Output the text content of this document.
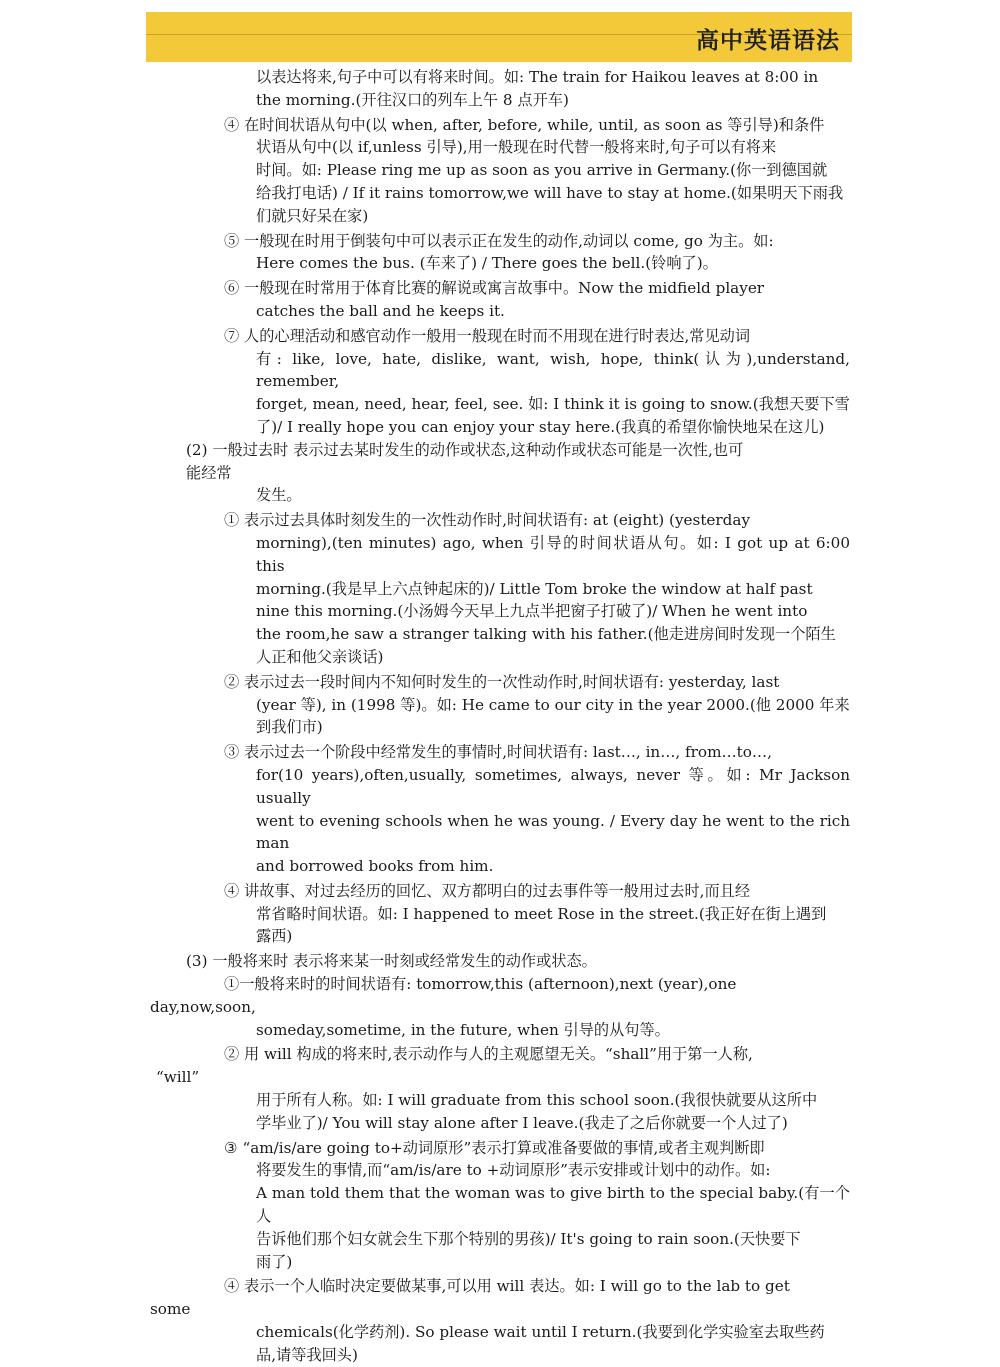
高中英语语法

以表达将来,句子中可以有将来时间。如: The train for Haikou leaves at 8:00 in

the morning.(开往汉口的列车上午 8 点开车)

④ 在时间状语从句中(以 when, after, before, while, until, as soon as 等引导)和条件

状语从句中(以 if,unless 引导),用一般现在时代替一般将来时,句子可以有将来

时间。如: Please ring me up as soon as you arrive in Germany.(你一到德国就

给我打电话) / If it rains tomorrow,we will have to stay at home.(如果明天下雨我

们就只好呆在家)

⑤ 一般现在时用于倒装句中可以表示正在发生的动作,动词以 come, go 为主。如:

Here comes the bus. (车来了) / There goes the bell.(铃响了)。

⑥ 一般现在时常用于体育比赛的解说或寓言故事中。Now the midfield player

catches the ball and he keeps it.

⑦ 人的心理活动和感官动作一般用一般现在时而不用现在进行时表达,常见动词

有: like, love, hate, dislike, want, wish, hope, think(认为),understand, remember,

forget, mean, need, hear, feel, see. 如: I think it is going to snow.(我想天要下雪

了)/ I really hope you can enjoy your stay here.(我真的希望你愉快地呆在这儿)

(2) 一般过去时 表示过去某时发生的动作或状态,这种动作或状态可能是一次性,也可

能经常

发生。

① 表示过去具体时刻发生的一次性动作时,时间状语有: at (eight) (yesterday

morning),(ten minutes) ago, when 引导的时间状语从句。如: I got up at 6:00 this

morning.(我是早上六点钟起床的)/ Little Tom broke the window at half past

nine this morning.(小汤姆今天早上九点半把窗子打破了)/ When he went into

the room,he saw a stranger talking with his father.(他走进房间时发现一个陌生

人正和他父亲谈话)

② 表示过去一段时间内不知何时发生的一次性动作时,时间状语有: yesterday, last

(year 等), in (1998 等)。如: He came to our city in the year 2000.(他 2000 年来

到我们市)

③ 表示过去一个阶段中经常发生的事情时,时间状语有: last…, in…, from…to…,

for(10 years),often,usually, sometimes, always, never 等。如: Mr Jackson usually

went to evening schools when he was young. / Every day he went to the rich man

and borrowed books from him.

④ 讲故事、对过去经历的回忆、双方都明白的过去事件等一般用过去时,而且经

常省略时间状语。如: I happened to meet Rose in the street.(我正好在街上遇到

露西)

(3) 一般将来时 表示将来某一时刻或经常发生的动作或状态。

①一般将来时的时间状语有: tomorrow,this (afternoon),next (year),one

day,now,soon,

someday,sometime, in the future, when 引导的从句等。

② 用 will 构成的将来时,表示动作与人的主观愿望无关。“shall”用于第一人称,

“will”

用于所有人称。如: I will graduate from this school soon.(我很快就要从这所中

学毕业了)/ You will stay alone after I leave.(我走了之后你就要一个人过了)

③ “am/is/are going to+动词原形”表示打算或准备要做的事情,或者主观判断即

将要发生的事情,而“am/is/are to +动词原形”表示安排或计划中的动作。如:

A man told them that the woman was to give birth to the special baby.(有一个人

告诉他们那个妇女就会生下那个特别的男孩)/ It's going to rain soon.(天快要下

雨了)

④ 表示一个人临时决定要做某事,可以用 will 表达。如: I will go to the lab to get

some

chemicals(化学药剂). So please wait until I return.(我要到化学实验室去取些药

品,请等我回头)
